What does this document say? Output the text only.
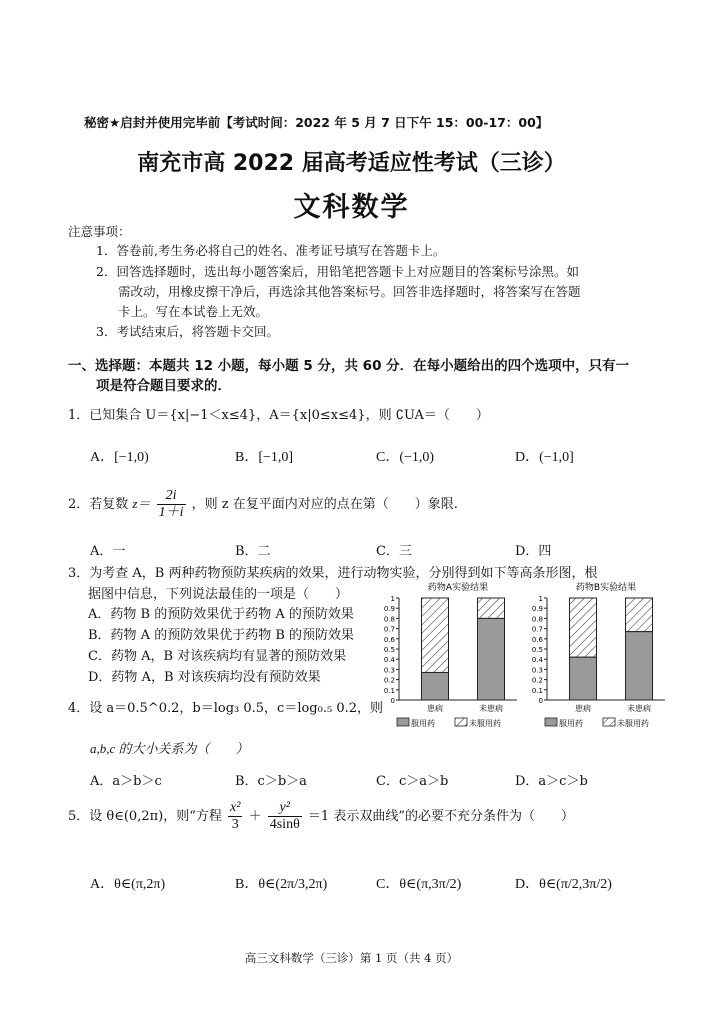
秘密★启封并使用完毕前【考试时间：2022 年 5 月 7 日下午 15：00-17：00】
南充市高 2022 届高考适应性考试（三诊）
文科数学
注意事项：
1．答卷前,考生务必将自己的姓名、准考证号填写在答题卡上。
2．回答选择题时，选出每小题答案后，用铅笔把答题卡上对应题目的答案标号涂黑。如
需改动，用橡皮擦干净后，再选涂其他答案标号。回答非选择题时，将答案写在答题
卡上。写在本试卷上无效。
3．考试结束后，将答题卡交回。
一、选择题：本题共 12 小题，每小题 5 分，共 60 分．在每小题给出的四个选项中，只有一
项是符合题目要求的．
1．已知集合 U＝{x|−1＜x≤4}，A＝{x|0≤x≤4}，则 ∁UA＝（　　）
A．[−1,0)	B．[−1,0]	C．(−1,0)	D．(−1,0]
2．若复数 $z= \frac{2i}{1+i}$ ，则 z 在复平面内对应的点在第（　　）象限.
A．一	B．二	C．三	D．四
3．为考查 A，B 两种药物预防某疾病的效果，进行动物实验，分别得到如下等高条形图，根
据图中信息，下列说法最佳的一项是（　　）
A．药物 B 的预防效果优于药物 A 的预防效果
B．药物 A 的预防效果优于药物 B 的预防效果
C．药物 A，B 对该疾病均有显著的预防效果
D．药物 A，B 对该疾病均没有预防效果
药物A实验结果
0
0.1
0.2
0.3
0.4
0.5
0.6
0.7
0.8
0.9
1
患病	未患病
服用药	未服用药
药物B实验结果
0
0.1
0.2
0.3
0.4
0.5
0.6
0.7
0.8
0.9
1
患病	未患病
服用药	未服用药
4．设 a＝0.5^0.2，b＝log₃ 0.5，c＝log₀.₅ 0.2，则
a,b,c 的大小关系为（　　）
A．a＞b＞c	B．c＞b＞a	C．c＞a＞b	D．a＞c＞b
5．设 θ∈(0,2π)，则“方程 $\frac{\text{x²}}{3} + \frac{\text{y²}}{4\sin\theta} =1$ 表示双曲线”的必要不充分条件为（　　）
A．θ∈(π,2π)	B．θ∈(2π/3,2π)	C．θ∈(π,3π/2)	D．θ∈(π/2,3π/2)
高三文科数学（三诊）第 1 页（共 4 页）
